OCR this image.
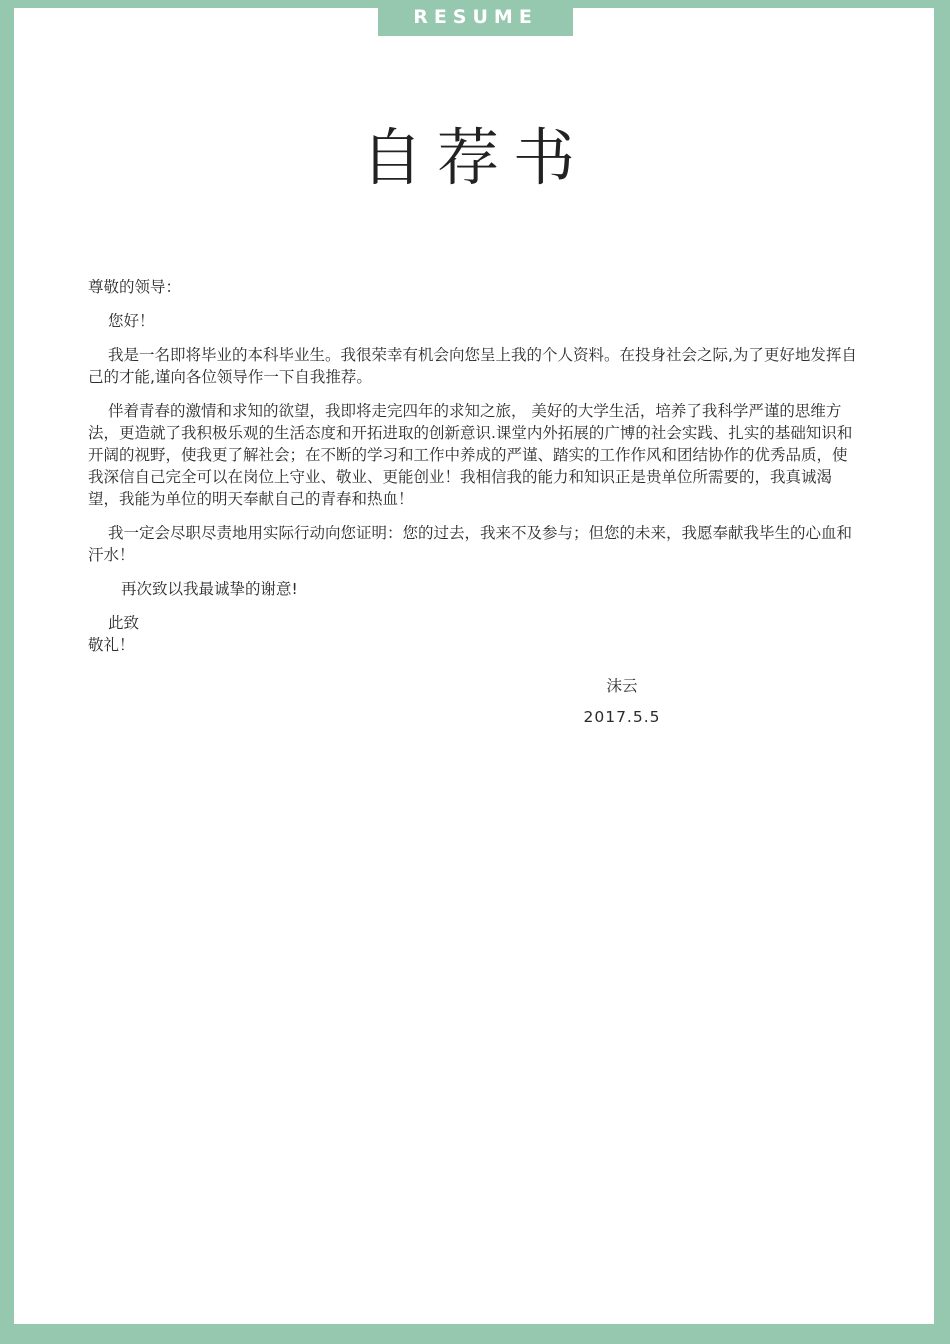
RESUME
自荐书

尊敬的领导：

您好！

我是一名即将毕业的本科毕业生。我很荣幸有机会向您呈上我的个人资料。在投身社会之际,为了更好地发挥自己的才能,谨向各位领导作一下自我推荐。

伴着青春的激情和求知的欲望，我即将走完四年的求知之旅， 美好的大学生活，培养了我科学严谨的思维方法，更造就了我积极乐观的生活态度和开拓进取的创新意识.课堂内外拓展的广博的社会实践、扎实的基础知识和开阔的视野，使我更了解社会；在不断的学习和工作中养成的严谨、踏实的工作作风和团结协作的优秀品质，使我深信自己完全可以在岗位上守业、敬业、更能创业！我相信我的能力和知识正是贵单位所需要的，我真诚渴望，我能为单位的明天奉献自己的青春和热血！

我一定会尽职尽责地用实际行动向您证明：您的过去，我来不及参与；但您的未来，我愿奉献我毕生的心血和汗水！

再次致以我最诚挚的谢意!

此致
敬礼！

沫云
2017.5.5
